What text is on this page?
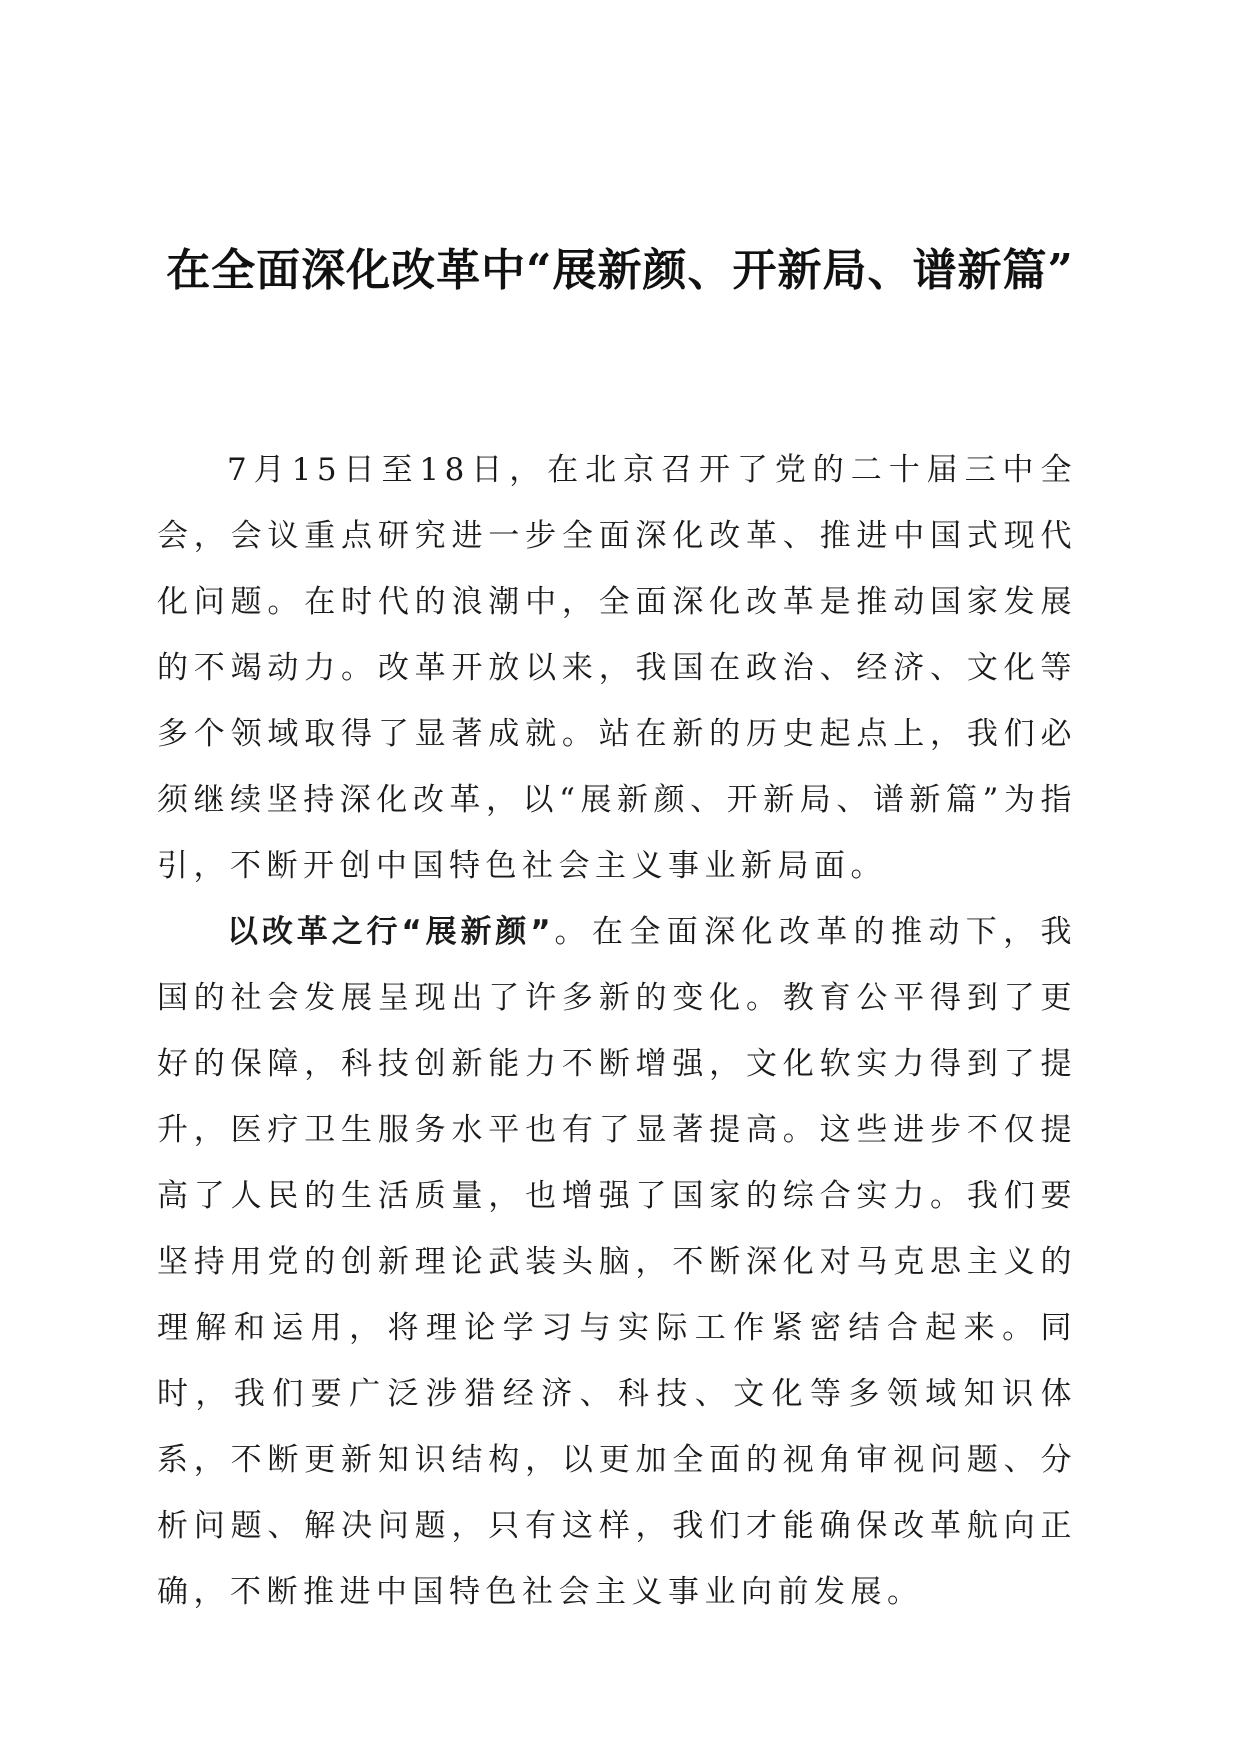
在全面深化改革中“展新颜、开新局、谱新篇”

7月15日至18日，在北京召开了党的二十届三中全会，会议重点研究进一步全面深化改革、推进中国式现代化问题。在时代的浪潮中，全面深化改革是推动国家发展的不竭动力。改革开放以来，我国在政治、经济、文化等多个领域取得了显著成就。站在新的历史起点上，我们必须继续坚持深化改革，以“展新颜、开新局、谱新篇”为指引，不断开创中国特色社会主义事业新局面。

以改革之行“展新颜”。在全面深化改革的推动下，我国的社会发展呈现出了许多新的变化。教育公平得到了更好的保障，科技创新能力不断增强，文化软实力得到了提升，医疗卫生服务水平也有了显著提高。这些进步不仅提高了人民的生活质量，也增强了国家的综合实力。我们要坚持用党的创新理论武装头脑，不断深化对马克思主义的理解和运用，将理论学习与实际工作紧密结合起来。同时，我们要广泛涉猎经济、科技、文化等多领域知识体系，不断更新知识结构，以更加全面的视角审视问题、分析问题、解决问题，只有这样，我们才能确保改革航向正确，不断推进中国特色社会主义事业向前发展。
